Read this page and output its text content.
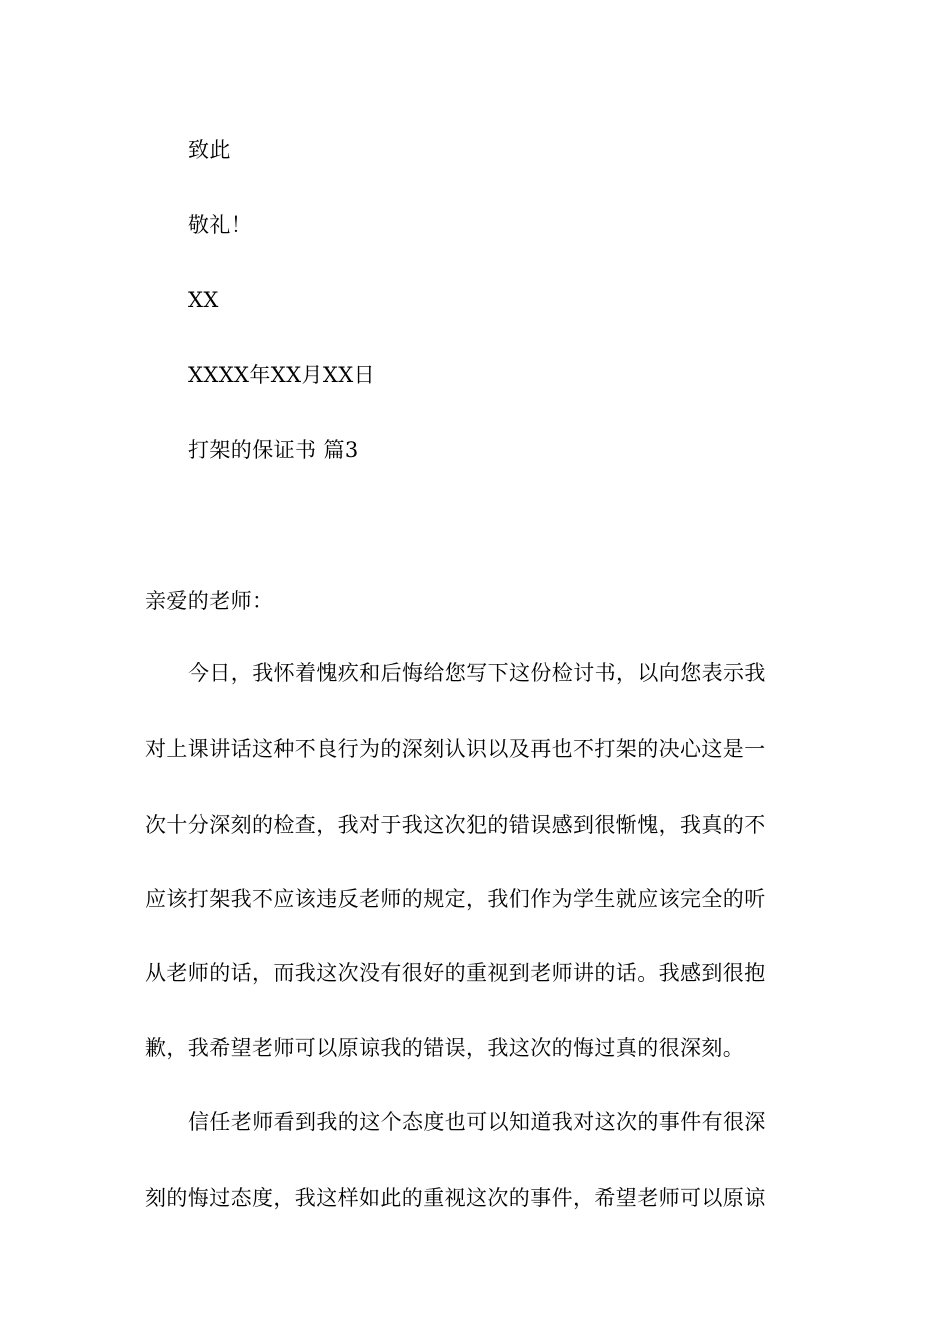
致此
敬礼！
XX
XXXX年XX月XX日
打架的保证书 篇3
亲爱的老师：
今日，我怀着愧疚和后悔给您写下这份检讨书，以向您表示我
对上课讲话这种不良行为的深刻认识以及再也不打架的决心这是一
次十分深刻的检查，我对于我这次犯的错误感到很惭愧，我真的不
应该打架我不应该违反老师的规定，我们作为学生就应该完全的听
从老师的话，而我这次没有很好的重视到老师讲的话。我感到很抱
歉，我希望老师可以原谅我的错误，我这次的悔过真的很深刻。
信任老师看到我的这个态度也可以知道我对这次的事件有很深
刻的悔过态度，我这样如此的重视这次的事件，希望老师可以原谅
